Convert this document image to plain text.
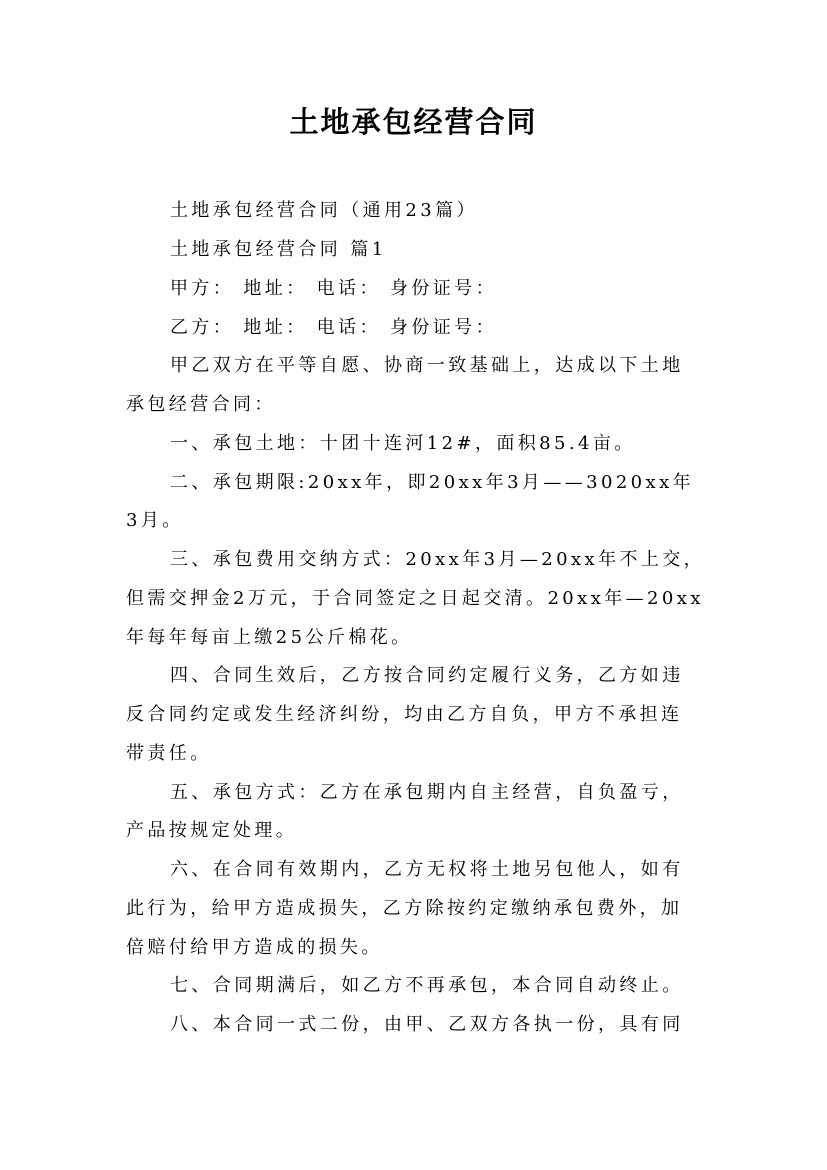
土地承包经营合同
土地承包经营合同（通用23篇）
土地承包经营合同 篇1
甲方： 地址： 电话： 身份证号：
乙方： 地址： 电话： 身份证号：
甲乙双方在平等自愿、协商一致基础上，达成以下土地
承包经营合同：
一、承包土地：十团十连河12#，面积85.4亩。
二、承包期限:20xx年，即20xx年3月——3020xx年
3月。
三、承包费用交纳方式：20xx年3月—20xx年不上交，
但需交押金2万元，于合同签定之日起交清。20xx年—20xx
年每年每亩上缴25公斤棉花。
四、合同生效后，乙方按合同约定履行义务，乙方如违
反合同约定或发生经济纠纷，均由乙方自负，甲方不承担连
带责任。
五、承包方式：乙方在承包期内自主经营，自负盈亏，
产品按规定处理。
六、在合同有效期内，乙方无权将土地另包他人，如有
此行为，给甲方造成损失，乙方除按约定缴纳承包费外，加
倍赔付给甲方造成的损失。
七、合同期满后，如乙方不再承包，本合同自动终止。
八、本合同一式二份，由甲、乙双方各执一份，具有同
